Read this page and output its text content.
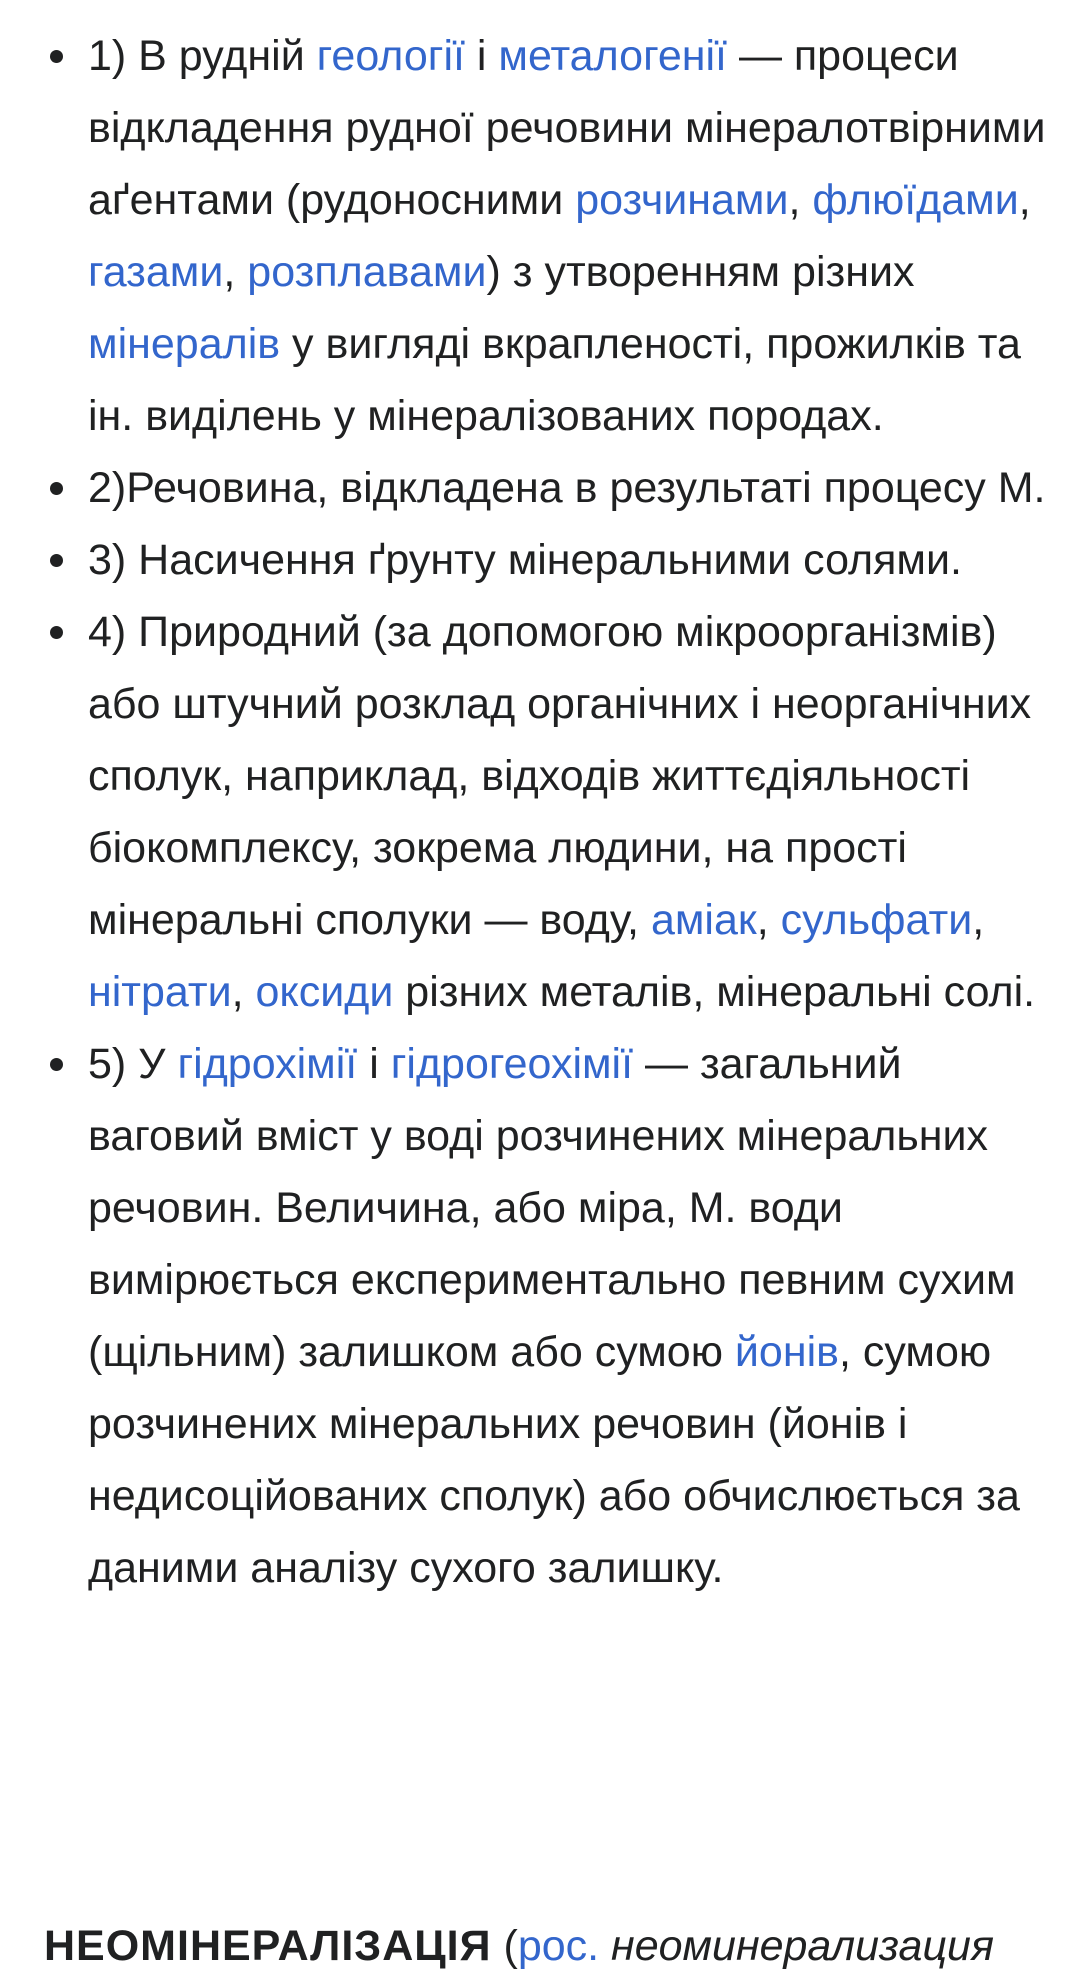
1) В рудній геології і металогенії — процеси відкладення рудної речовини мінералотвірними аґентами (рудоносними розчинами, флюїдами, газами, розплавами) з утворенням різних мінералів у вигляді вкрапленості, прожилків та ін. виділень у мінералізованих породах.
2)Речовина, відкладена в результаті процесу М.
3) Насичення ґрунту мінеральними солями.
4) Природний (за допомогою мікроорганізмів) або штучний розклад органічних і неорганічних сполук, наприклад, відходів життєдіяльності біокомплексу, зокрема людини, на прості мінеральні сполуки — воду, аміак, сульфати, нітрати, оксиди різних металів, мінеральні солі.
5) У гідрохімії і гідрогеохімії — загальний ваговий вміст у воді розчинених мінеральних речовин. Величина, або міра, М. води вимірюється експериментально певним сухим (щільним) залишком або сумою йонів, сумою розчинених мінеральних речовин (йонів і недисоційованих сполук) або обчислюється за даними аналізу сухого залишку.
НЕОМІНЕРАЛІЗАЦІЯ (рос. неоминерализация
